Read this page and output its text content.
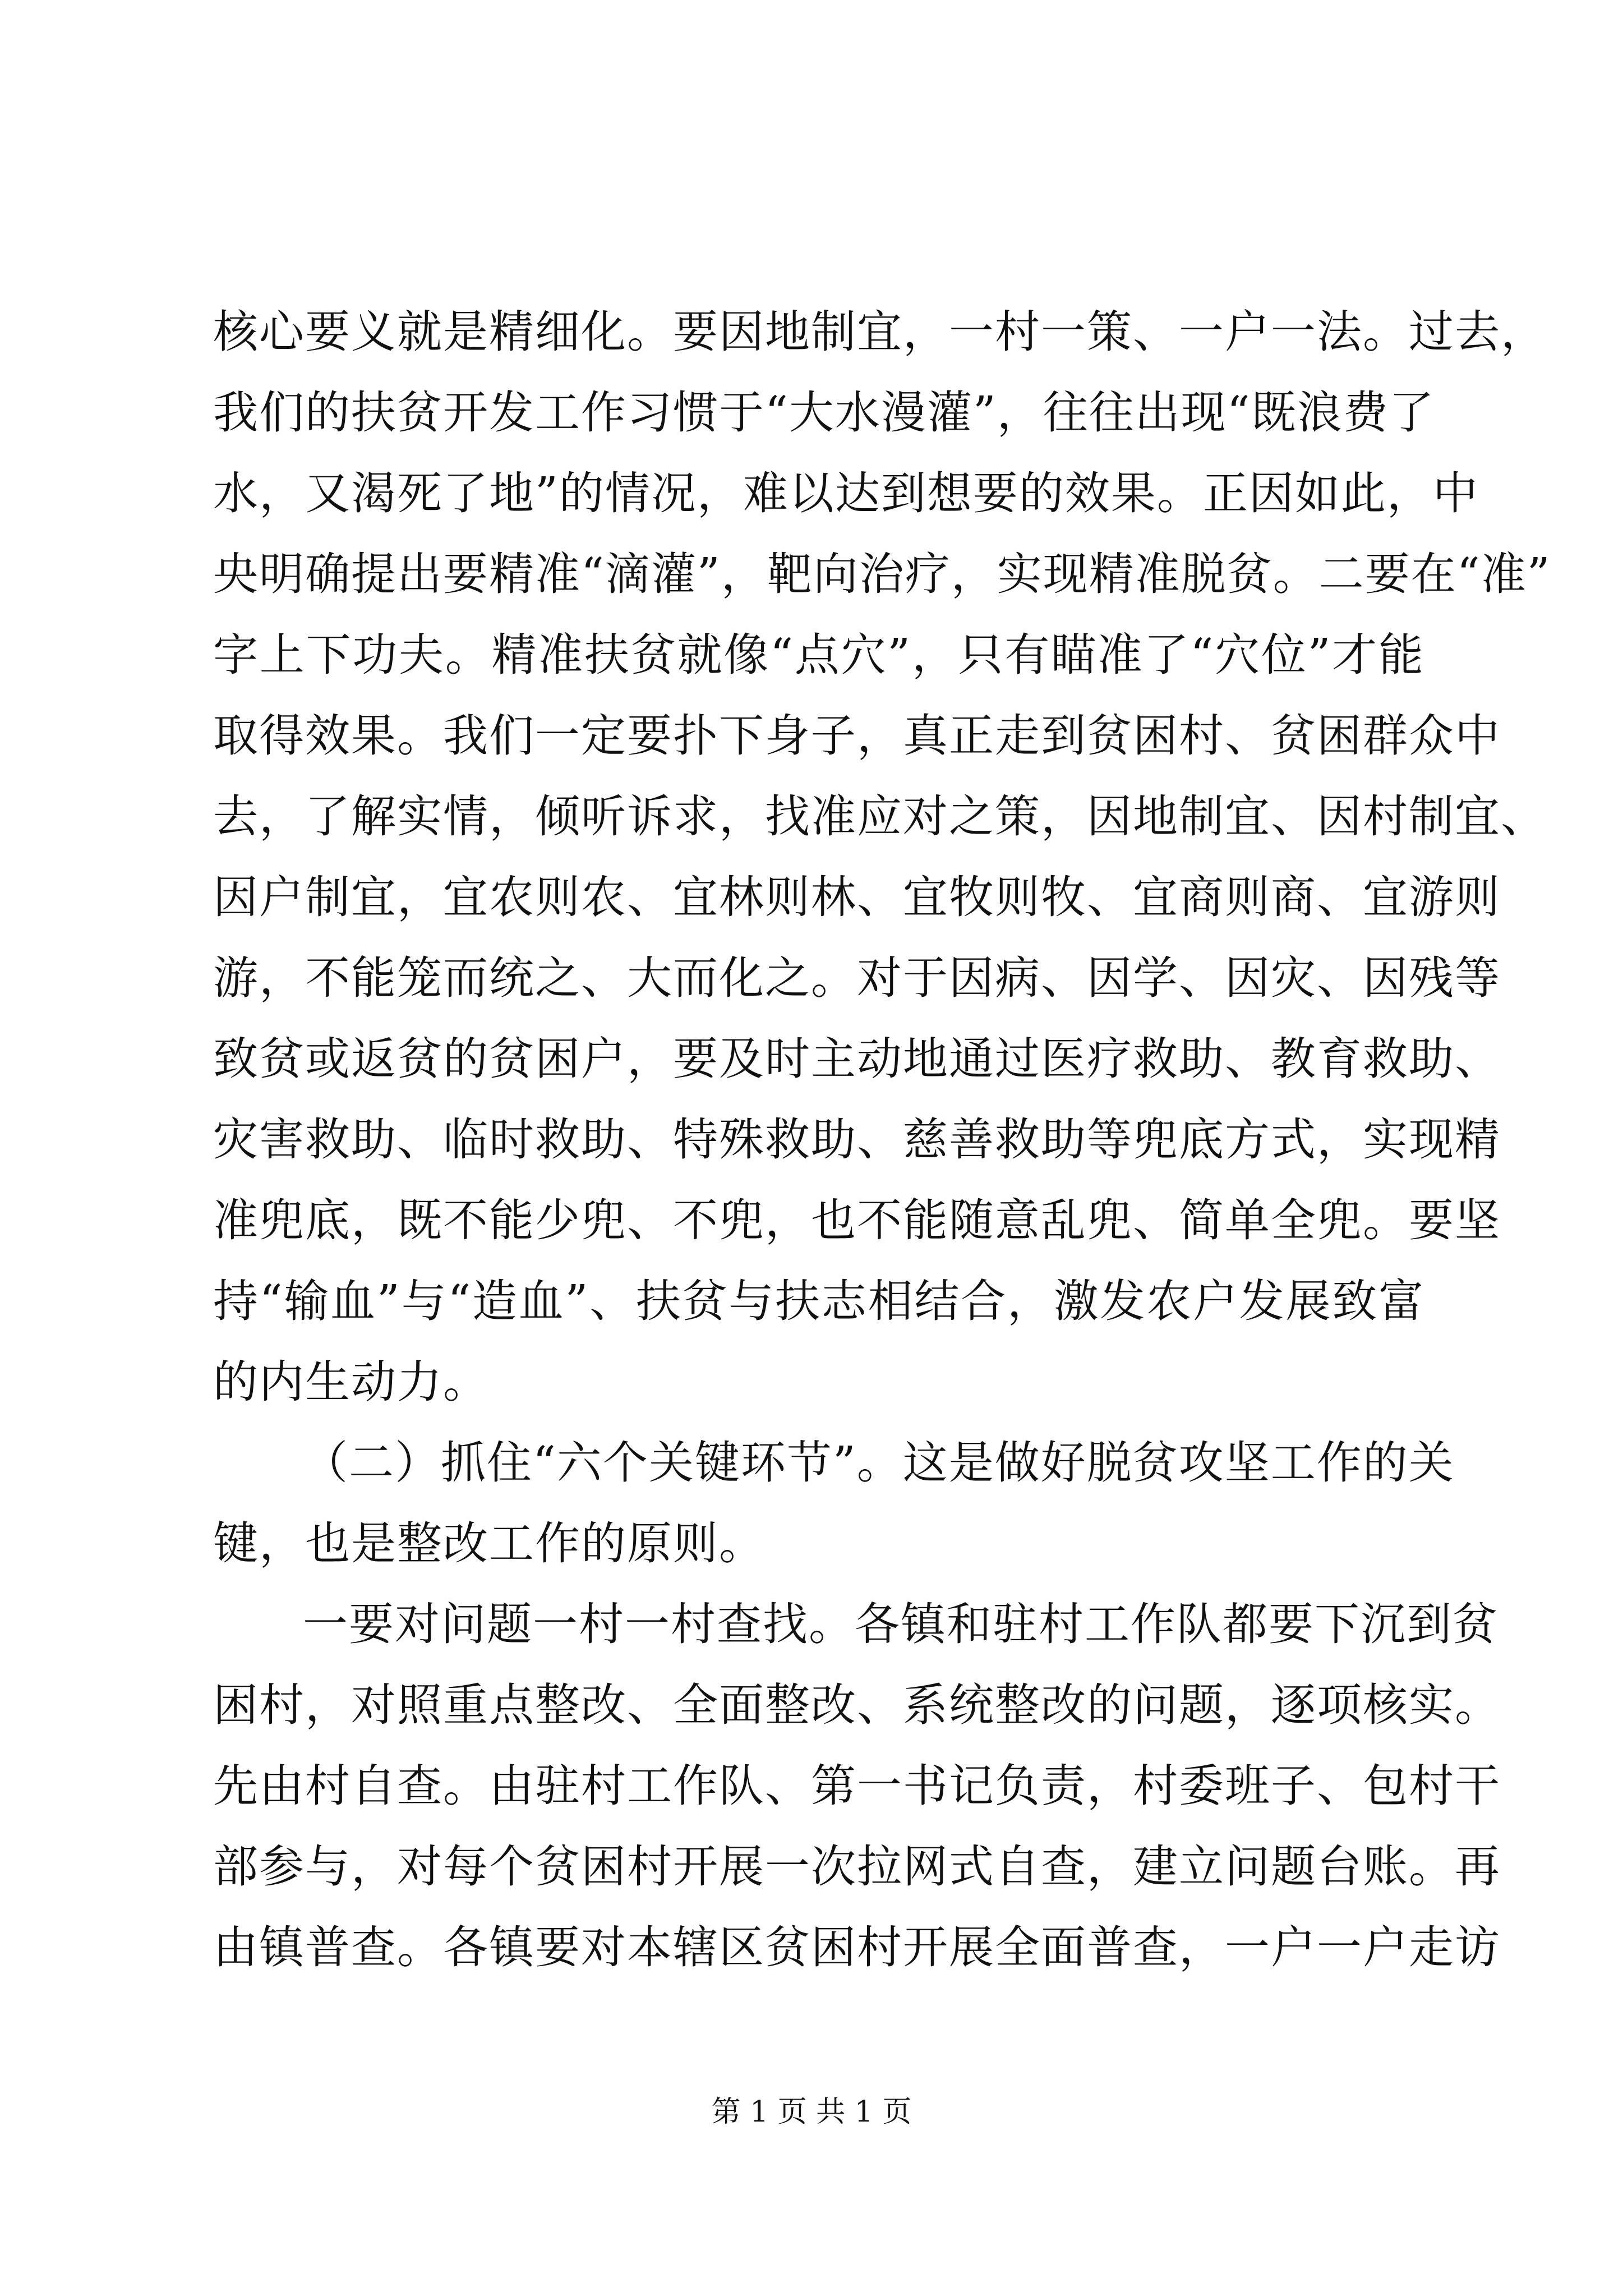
核心要义就是精细化。要因地制宜，一村一策、一户一法。过去，
我们的扶贫开发工作习惯于“大水漫灌”，往往出现“既浪费了
水，又渴死了地”的情况，难以达到想要的效果。正因如此，中
央明确提出要精准“滴灌”，靶向治疗，实现精准脱贫。二要在“准”
字上下功夫。精准扶贫就像“点穴”，只有瞄准了“穴位”才能
取得效果。我们一定要扑下身子，真正走到贫困村、贫困群众中
去，了解实情，倾听诉求，找准应对之策，因地制宜、因村制宜、
因户制宜，宜农则农、宜林则林、宜牧则牧、宜商则商、宜游则
游，不能笼而统之、大而化之。对于因病、因学、因灾、因残等
致贫或返贫的贫困户，要及时主动地通过医疗救助、教育救助、
灾害救助、临时救助、特殊救助、慈善救助等兜底方式，实现精
准兜底，既不能少兜、不兜，也不能随意乱兜、简单全兜。要坚
持“输血”与“造血”、扶贫与扶志相结合，激发农户发展致富
的内生动力。
（二）抓住“六个关键环节”。这是做好脱贫攻坚工作的关
键，也是整改工作的原则。
一要对问题一村一村查找。各镇和驻村工作队都要下沉到贫
困村，对照重点整改、全面整改、系统整改的问题，逐项核实。
先由村自查。由驻村工作队、第一书记负责，村委班子、包村干
部参与，对每个贫困村开展一次拉网式自查，建立问题台账。再
由镇普查。各镇要对本辖区贫困村开展全面普查，一户一户走访
第 1 页 共 1 页
